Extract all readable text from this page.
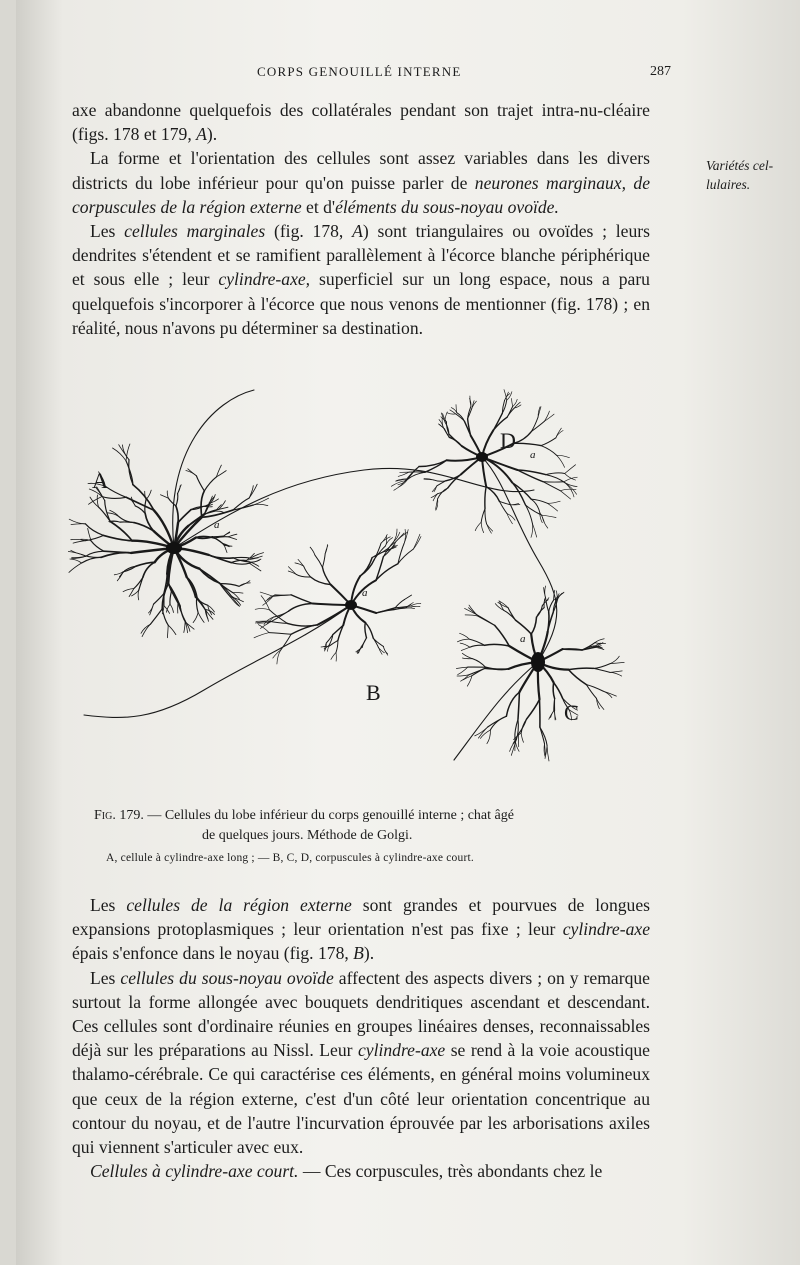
CORPS GENOUILLÉ INTERNE	287
Variétés cel-
lulaires.

axe abandonne quelquefois des collatérales pendant son trajet intra-nu-cléaire (figs. 178 et 179, A).

La forme et l'orientation des cellules sont assez variables dans les divers districts du lobe inférieur pour qu'on puisse parler de neurones marginaux, de corpuscules de la région externe et d'éléments du sous-noyau ovoïde.

Les cellules marginales (fig. 178, A) sont triangulaires ou ovoïdes ; leurs dendrites s'étendent et se ramifient parallèlement à l'écorce blanche périphérique et sous elle ; leur cylindre-axe, superficiel sur un long espace, nous a paru quelquefois s'incorporer à l'écorce que nous venons de mentionner (fig. 178) ; en réalité, nous n'avons pu déterminer sa destination.

A
B
C
D
a
a
a
a
Fig. 179. — Cellules du lobe inférieur du corps genouillé interne ; chat âgé
de quelques jours. Méthode de Golgi.
A, cellule à cylindre-axe long ; — B, C, D, corpuscules à cylindre-axe court.

Les cellules de la région externe sont grandes et pourvues de longues expansions protoplasmiques ; leur orientation n'est pas fixe ; leur cylindre-axe épais s'enfonce dans le noyau (fig. 178, B).

Les cellules du sous-noyau ovoïde affectent des aspects divers ; on y remarque surtout la forme allongée avec bouquets dendritiques ascendant et descendant. Ces cellules sont d'ordinaire réunies en groupes linéaires denses, reconnaissables déjà sur les préparations au Nissl. Leur cylindre-axe se rend à la voie acoustique thalamo-cérébrale. Ce qui caractérise ces éléments, en général moins volumineux que ceux de la région externe, c'est d'un côté leur orientation concentrique au contour du noyau, et de l'autre l'incurvation éprouvée par les arborisations axiles qui viennent s'articuler avec eux.

Cellules à cylindre-axe court. — Ces corpuscules, très abondants chez le
